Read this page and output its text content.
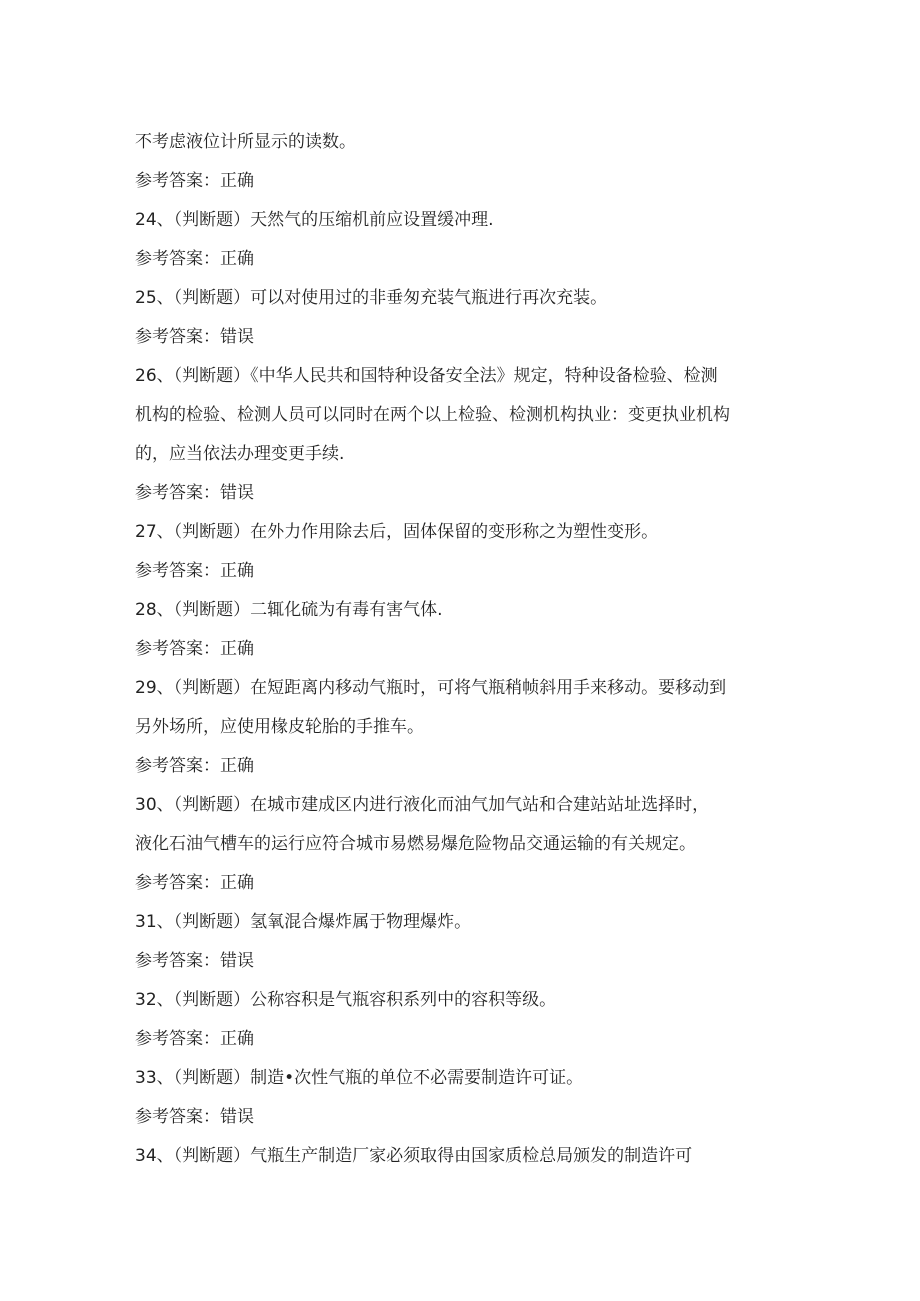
不考虑液位计所显示的读数。
参考答案：正确
24、（判断题）天然气的压缩机前应设置缓冲理.
参考答案：正确
25、（判断题）可以对使用过的非垂匆充装气瓶进行再次充装。
参考答案：错误
26、（判断题）《中华人民共和国特种设备安全法》规定，特种设备检验、检测
机构的检验、检测人员可以同时在两个以上检验、检测机构执业：变更执业机构
的，应当依法办理变更手续.
参考答案：错误
27、（判断题）在外力作用除去后，固体保留的变形称之为塑性变形。
参考答案：正确
28、（判断题）二辄化硫为有毒有害气体.
参考答案：正确
29、（判断题）在短距离内移动气瓶时，可将气瓶稍帧斜用手来移动。要移动到
另外场所，应使用椽皮轮胎的手推车。
参考答案：正确
30、（判断题）在城市建成区内进行液化而油气加气站和合建站站址选择时，
液化石油气槽车的运行应符合城市易燃易爆危险物品交通运输的有关规定。
参考答案：正确
31、（判断题）氢氧混合爆炸属于物理爆炸。
参考答案：错误
32、（判断题）公称容积是气瓶容积系列中的容积等级。
参考答案：正确
33、（判断题）制造•次性气瓶的单位不必需要制造许可证。
参考答案：错误
34、（判断题）气瓶生产制造厂家必须取得由国家质检总局颁发的制造许可
